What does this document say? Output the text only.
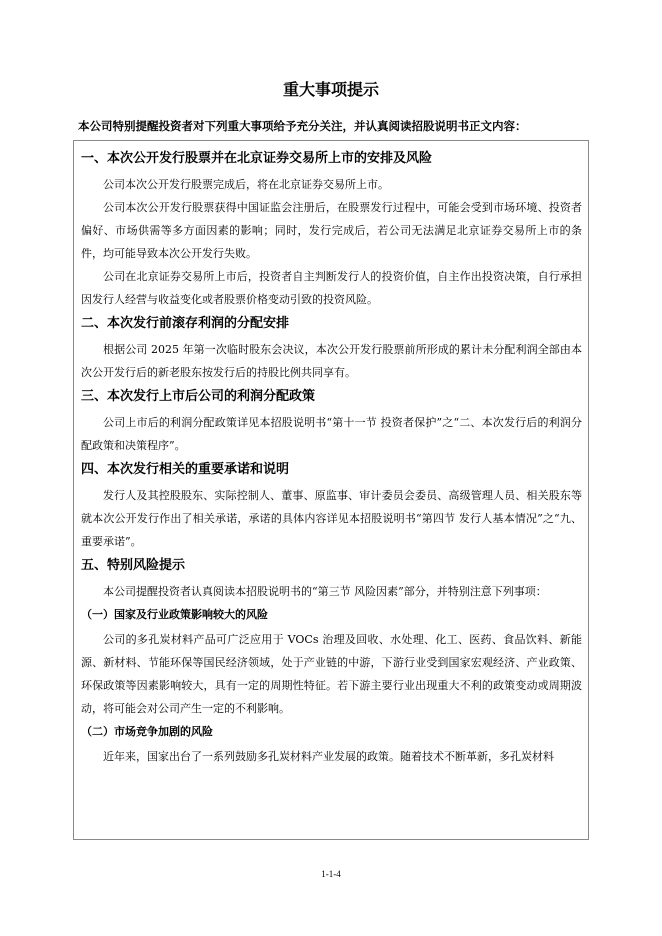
重大事项提示
本公司特别提醒投资者对下列重大事项给予充分关注，并认真阅读招股说明书正文内容：
一、本次公开发行股票并在北京证券交易所上市的安排及风险

公司本次公开发行股票完成后，将在北京证券交易所上市。

公司本次公开发行股票获得中国证监会注册后，在股票发行过程中，可能会受到市场环境、投资者偏好、市场供需等多方面因素的影响；同时，发行完成后，若公司无法满足北京证券交易所上市的条件，均可能导致本次公开发行失败。

公司在北京证券交易所上市后，投资者自主判断发行人的投资价值，自主作出投资决策，自行承担因发行人经营与收益变化或者股票价格变动引致的投资风险。

二、本次发行前滚存利润的分配安排

根据公司 2025 年第一次临时股东会决议，本次公开发行股票前所形成的累计未分配利润全部由本次公开发行后的新老股东按发行后的持股比例共同享有。

三、本次发行上市后公司的利润分配政策

公司上市后的利润分配政策详见本招股说明书“第十一节 投资者保护”之“二、本次发行后的利润分配政策和决策程序”。

四、本次发行相关的重要承诺和说明

发行人及其控股股东、实际控制人、董事、原监事、审计委员会委员、高级管理人员、相关股东等就本次公开发行作出了相关承诺，承诺的具体内容详见本招股说明书“第四节 发行人基本情况”之“九、重要承诺”。

五、特别风险提示

本公司提醒投资者认真阅读本招股说明书的“第三节 风险因素”部分，并特别注意下列事项：

（一）国家及行业政策影响较大的风险

公司的多孔炭材料产品可广泛应用于 VOCs 治理及回收、水处理、化工、医药、食品饮料、新能源、新材料、节能环保等国民经济领域，处于产业链的中游，下游行业受到国家宏观经济、产业政策、环保政策等因素影响较大，具有一定的周期性特征。若下游主要行业出现重大不利的政策变动或周期波动，将可能会对公司产生一定的不利影响。

（二）市场竞争加剧的风险

近年来，国家出台了一系列鼓励多孔炭材料产业发展的政策。随着技术不断革新，多孔炭材料

1-1-4
